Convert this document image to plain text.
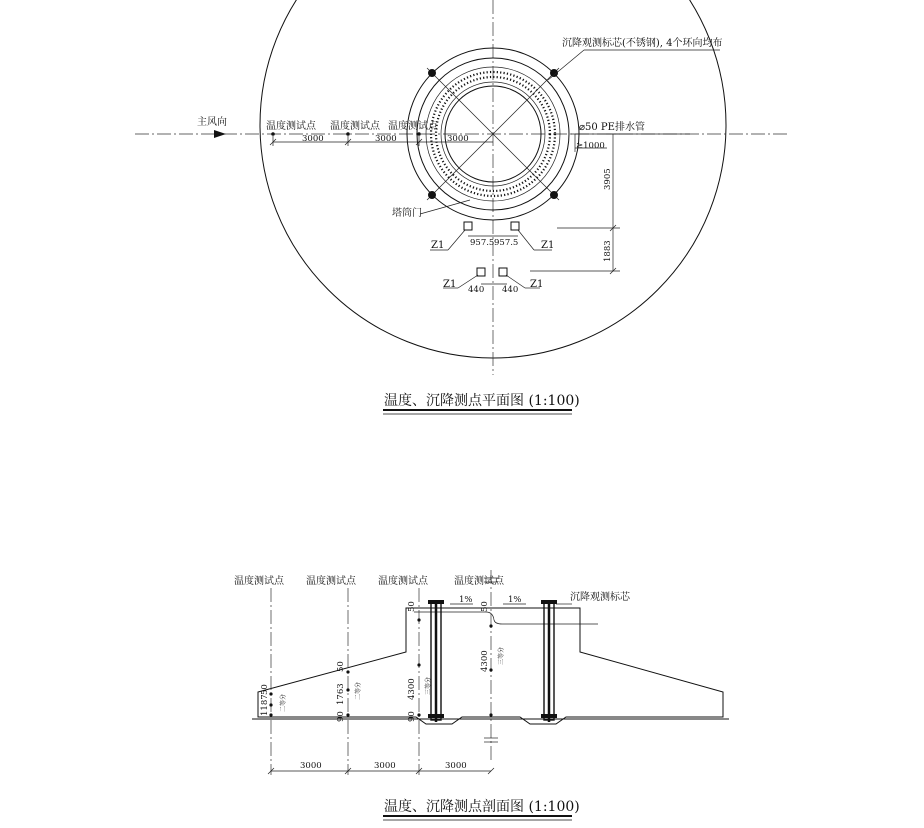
沉降观测标芯(不锈钢), 4个环向均布
主风向	温度测试点 温度测试点 温度测试点
3000	3000	3000
⌀50 PE排水管
≥1000
3905
1883
塔筒门
Z1	Z1
Z1	Z1
957.5 957.5
440 440
温度、沉降测点平面图 (1:100)
1%	1%
温度测试点 温度测试点 温度测试点	温度测试点
沉降观测标芯
1187
1763	4300
4300
50
50
50	50
90	90
二等分
二等分	三等分
三等分
3000	3000	3000
温度、沉降测点剖面图 (1:100)
